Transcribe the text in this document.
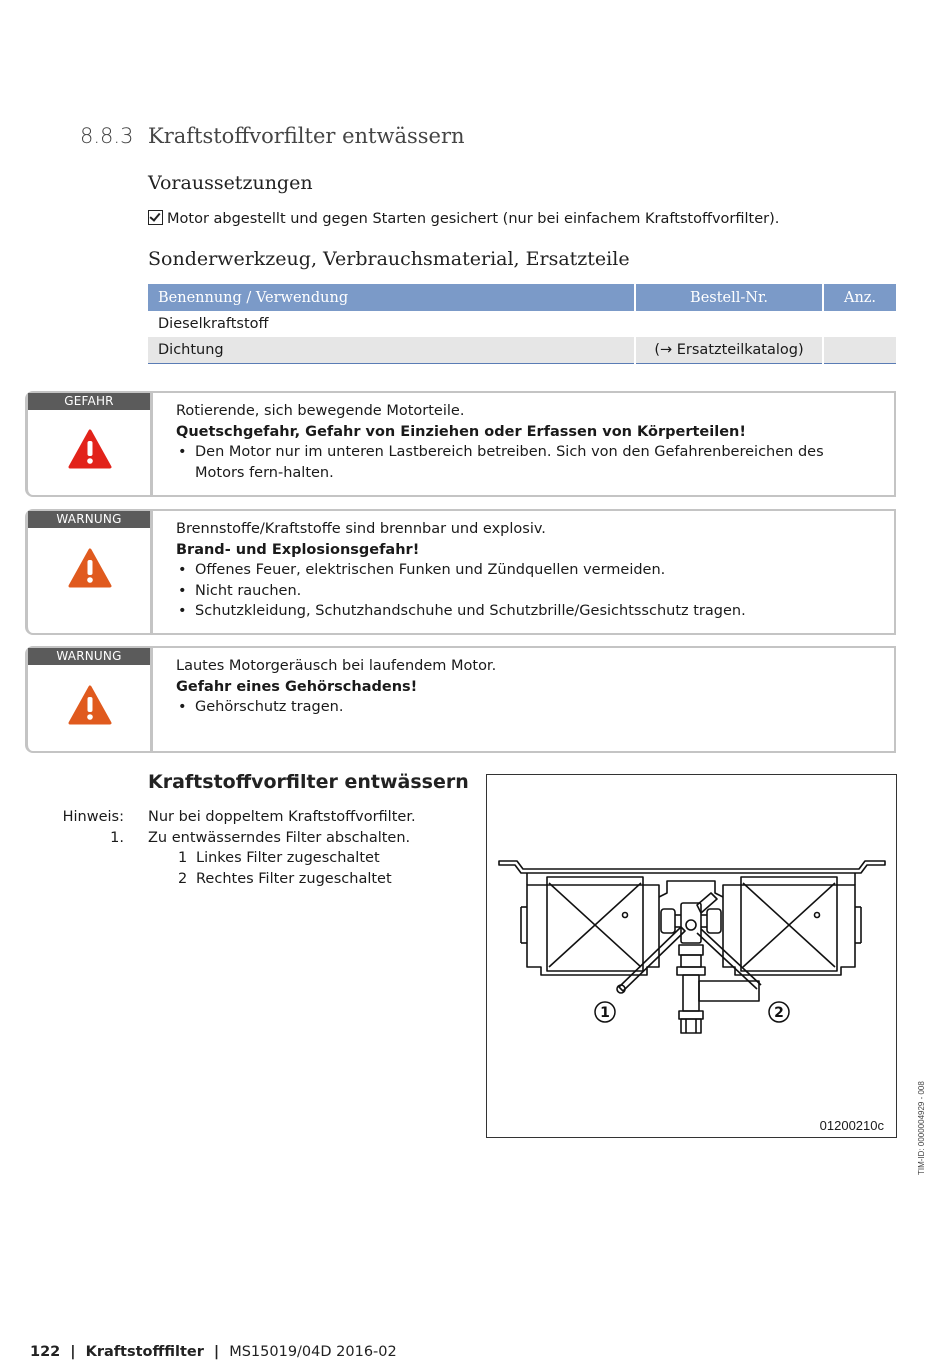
8.8.3 Kraftstoffvorfilter entwässern
Voraussetzungen
Motor abgestellt und gegen Starten gesichert (nur bei einfachem Kraftstoffvorfilter).
Sonderwerkzeug, Verbrauchsmaterial, Ersatzteile
Benennung / Verwendung	Bestell-Nr.	Anz.
Dieselkraftstoff		
Dichtung	(→ Ersatzteilkatalog)	
GEFAHR
Rotierende, sich bewegende Motorteile.
Quetschgefahr, Gefahr von Einziehen oder Erfassen von Körperteilen!
• Den Motor nur im unteren Lastbereich betreiben. Sich von den Gefahrenbereichen des Motors fern-halten.
WARNUNG
Brennstoffe/Kraftstoffe sind brennbar und explosiv.
Brand- und Explosionsgefahr!
• Offenes Feuer, elektrischen Funken und Zündquellen vermeiden.
• Nicht rauchen.
• Schutzkleidung, Schutzhandschuhe und Schutzbrille/Gesichtsschutz tragen.
WARNUNG
Lautes Motorgeräusch bei laufendem Motor.
Gefahr eines Gehörschadens!
• Gehörschutz tragen.
Kraftstoffvorfilter entwässern
Hinweis: Nur bei doppeltem Kraftstoffvorfilter.
1. Zu entwässerndes Filter abschalten.
1 Linkes Filter zugeschaltet
2 Rechtes Filter zugeschaltet
1	2
01200210c	TIM-ID: 0000004929 - 008
122 | Kraftstofffilter | MS15019/04D 2016-02
